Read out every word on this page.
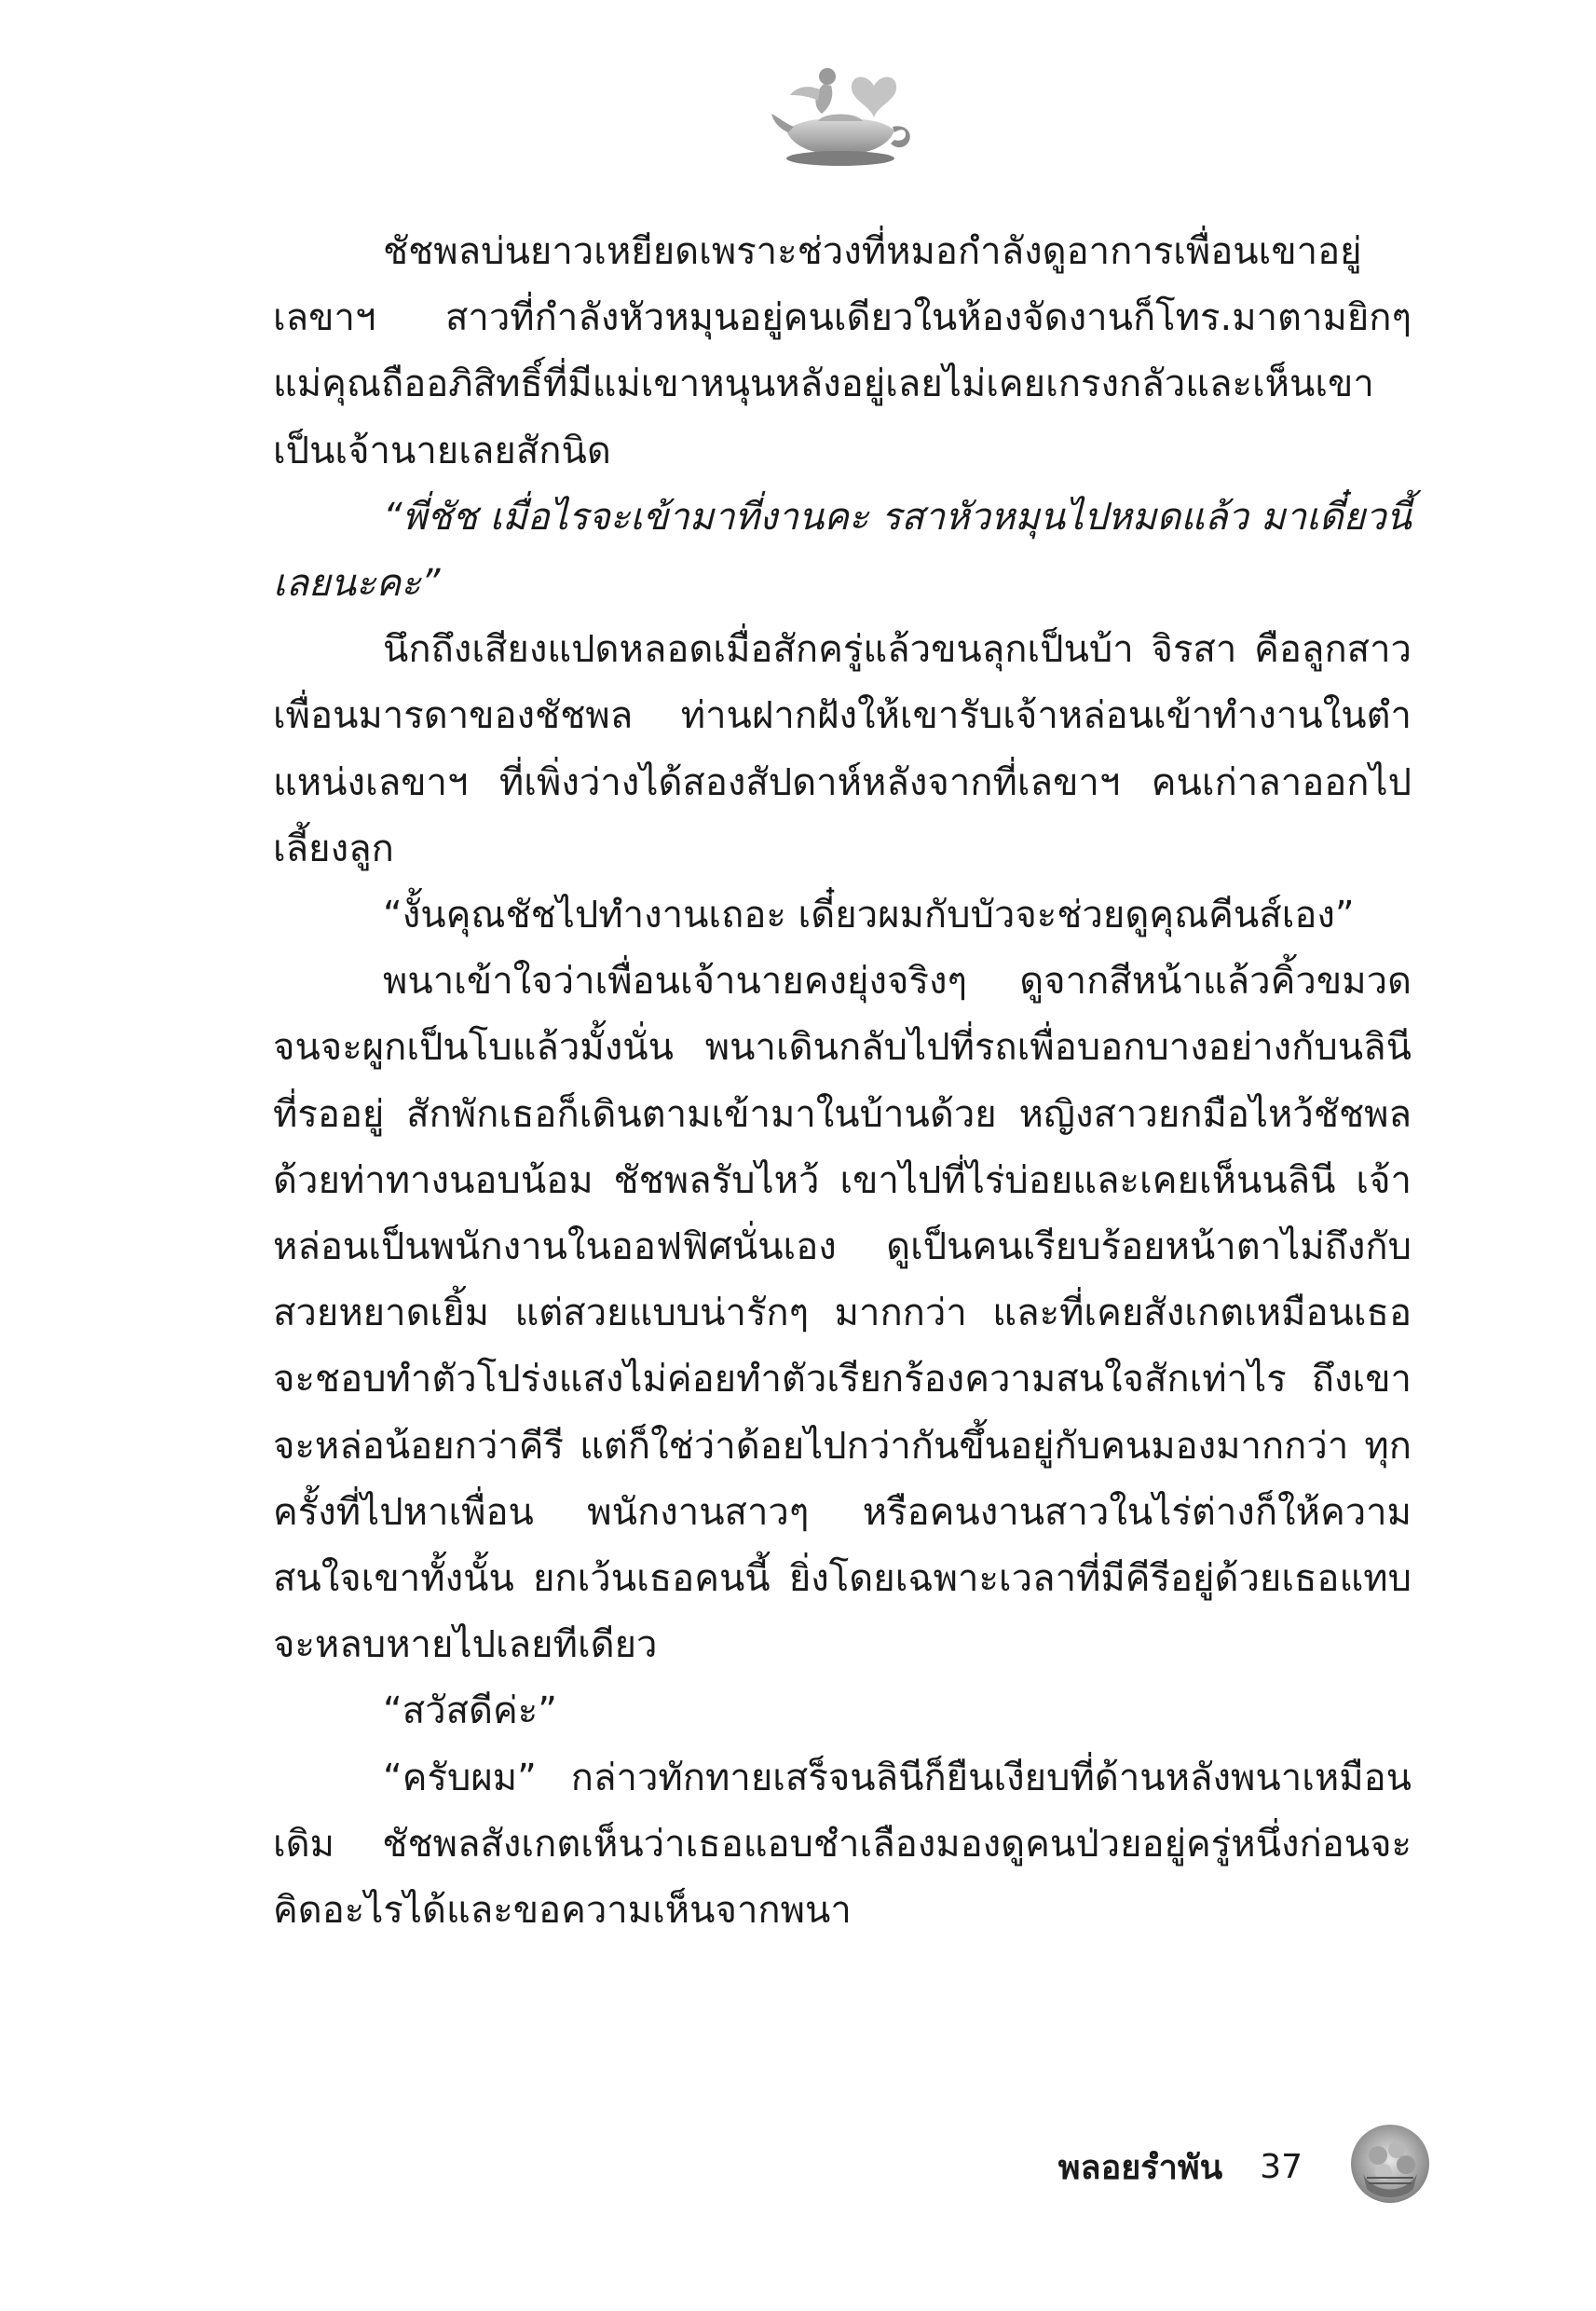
ชัชพลบ่นยาวเหยียดเพราะช่วงที่หมอกำลังดูอาการเพื่อนเขาอยู่ เลขาฯ สาวที่กำลังหัวหมุนอยู่คนเดียวในห้องจัดงานก็โทร.มาตามยิกๆ แม่คุณถืออภิสิทธิ์ที่มีแม่เขาหนุนหลังอยู่เลยไม่เคยเกรงกลัวและเห็นเขาเป็นเจ้านายเลยสักนิด

“พี่ชัช เมื่อไรจะเข้ามาที่งานคะ รสาหัวหมุนไปหมดแล้ว มาเดี๋ยวนี้เลยนะคะ”

นึกถึงเสียงแปดหลอดเมื่อสักครู่แล้วขนลุกเป็นบ้า จิรสา คือลูกสาวเพื่อนมารดาของชัชพล ท่านฝากฝังให้เขารับเจ้าหล่อนเข้าทำงานในตำแหน่งเลขาฯ ที่เพิ่งว่างได้สองสัปดาห์หลังจากที่เลขาฯ คนเก่าลาออกไปเลี้ยงลูก

“งั้นคุณชัชไปทำงานเถอะ เดี๋ยวผมกับบัวจะช่วยดูคุณคีนส์เอง”

พนาเข้าใจว่าเพื่อนเจ้านายคงยุ่งจริงๆ ดูจากสีหน้าแล้วคิ้วขมวดจนจะผูกเป็นโบแล้วมั้งนั่น พนาเดินกลับไปที่รถเพื่อบอกบางอย่างกับนลินีที่รออยู่ สักพักเธอก็เดินตามเข้ามาในบ้านด้วย หญิงสาวยกมือไหว้ชัชพลด้วยท่าทางนอบน้อม ชัชพลรับไหว้ เขาไปที่ไร่บ่อยและเคยเห็นนลินี เจ้าหล่อนเป็นพนักงานในออฟฟิศนั่นเอง ดูเป็นคนเรียบร้อยหน้าตาไม่ถึงกับสวยหยาดเยิ้ม แต่สวยแบบน่ารักๆ มากกว่า และที่เคยสังเกตเหมือนเธอจะชอบทำตัวโปร่งแสงไม่ค่อยทำตัวเรียกร้องความสนใจสักเท่าไร ถึงเขาจะหล่อน้อยกว่าคีรี แต่ก็ใช่ว่าด้อยไปกว่ากันขึ้นอยู่กับคนมองมากกว่า ทุกครั้งที่ไปหาเพื่อน พนักงานสาวๆ หรือคนงานสาวในไร่ต่างก็ให้ความสนใจเขาทั้งนั้น ยกเว้นเธอคนนี้ ยิ่งโดยเฉพาะเวลาที่มีคีรีอยู่ด้วยเธอแทบจะหลบหายไปเลยทีเดียว

“สวัสดีค่ะ”

“ครับผม” กล่าวทักทายเสร็จนลินีก็ยืนเงียบที่ด้านหลังพนาเหมือนเดิม ชัชพลสังเกตเห็นว่าเธอแอบชำเลืองมองดูคนป่วยอยู่ครู่หนึ่งก่อนจะคิดอะไรได้และขอความเห็นจากพนา

พลอยรำพัน 37
